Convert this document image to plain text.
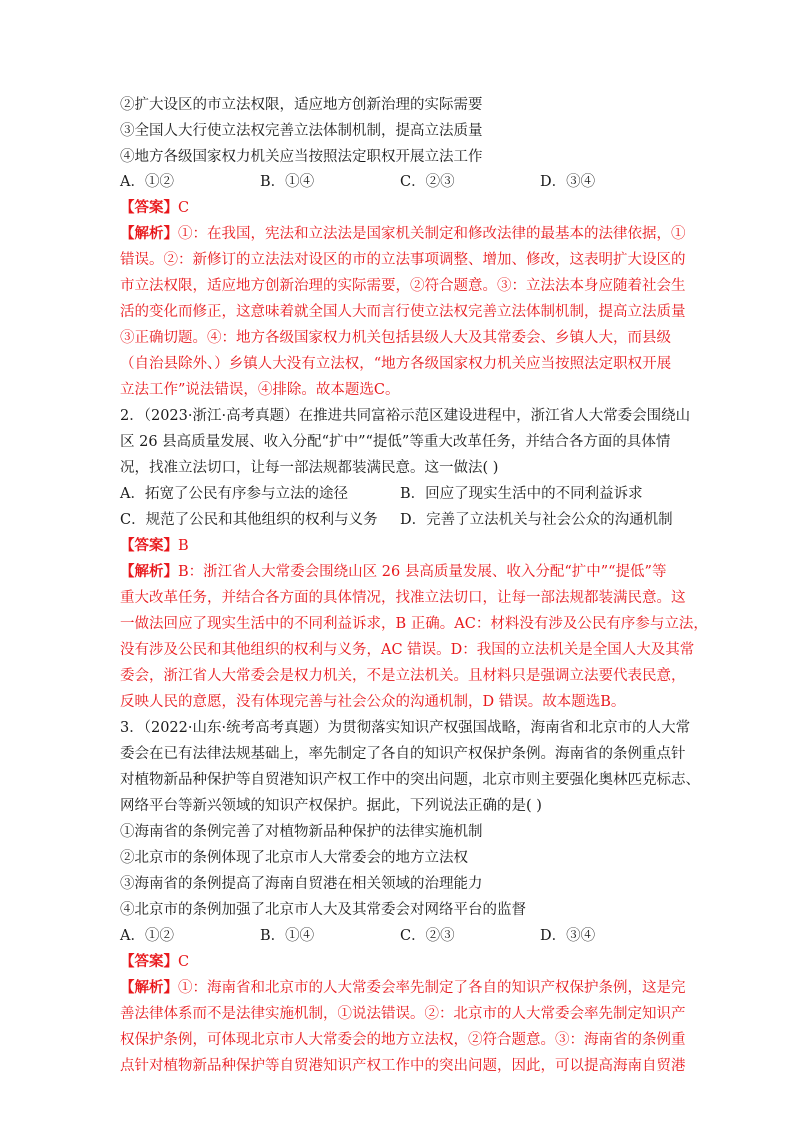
②扩大设区的市立法权限，适应地方创新治理的实际需要
③全国人大行使立法权完善立法体制机制，提高立法质量
④地方各级国家权力机关应当按照法定职权开展立法工作
A．①②	B．①④	C．②③	D．③④
【答案】C
【解析】①：在我国，宪法和立法法是国家机关制定和修改法律的最基本的法律依据，①
错误。②：新修订的立法法对设区的市的立法事项调整、增加、修改，这表明扩大设区的
市立法权限，适应地方创新治理的实际需要，②符合题意。③：立法法本身应随着社会生
活的变化而修正，这意味着就全国人大而言行使立法权完善立法体制机制，提高立法质量
③正确切题。④：地方各级国家权力机关包括县级人大及其常委会、乡镇人大，而县级
（自治县除外、）乡镇人大没有立法权，“地方各级国家权力机关应当按照法定职权开展
立法工作”说法错误，④排除。故本题选C。
2．（2023·浙江·高考真题）在推进共同富裕示范区建设进程中，浙江省人大常委会围绕山
区 26 县高质量发展、收入分配“扩中”“提低”等重大改革任务，并结合各方面的具体情
况，找准立法切口，让每一部法规都装满民意。这一做法( )
A．拓宽了公民有序参与立法的途径	B．回应了现实生活中的不同利益诉求
C．规范了公民和其他组织的权利与义务 D．完善了立法机关与社会公众的沟通机制
【答案】B
【解析】B：浙江省人大常委会围绕山区 26 县高质量发展、收入分配“扩中”“提低”等
重大改革任务，并结合各方面的具体情况，找准立法切口，让每一部法规都装满民意。这
一做法回应了现实生活中的不同利益诉求，B 正确。AC：材料没有涉及公民有序参与立法，
没有涉及公民和其他组织的权利与义务，AC 错误。D：我国的立法机关是全国人大及其常
委会，浙江省人大常委会是权力机关，不是立法机关。且材料只是强调立法要代表民意，
反映人民的意愿，没有体现完善与社会公众的沟通机制，D 错误。故本题选B。
3．（2022·山东·统考高考真题）为贯彻落实知识产权强国战略，海南省和北京市的人大常
委会在已有法律法规基础上，率先制定了各自的知识产权保护条例。海南省的条例重点针
对植物新品种保护等自贸港知识产权工作中的突出问题，北京市则主要强化奥林匹克标志、
网络平台等新兴领域的知识产权保护。据此，下列说法正确的是( )
①海南省的条例完善了对植物新品种保护的法律实施机制
②北京市的条例体现了北京市人大常委会的地方立法权
③海南省的条例提高了海南自贸港在相关领域的治理能力
④北京市的条例加强了北京市人大及其常委会对网络平台的监督
A．①②	B．①④	C．②③	D．③④
【答案】C
【解析】①：海南省和北京市的人大常委会率先制定了各自的知识产权保护条例，这是完
善法律体系而不是法律实施机制，①说法错误。②：北京市的人大常委会率先制定知识产
权保护条例，可体现北京市人大常委会的地方立法权，②符合题意。③：海南省的条例重
点针对植物新品种保护等自贸港知识产权工作中的突出问题，因此，可以提高海南自贸港
